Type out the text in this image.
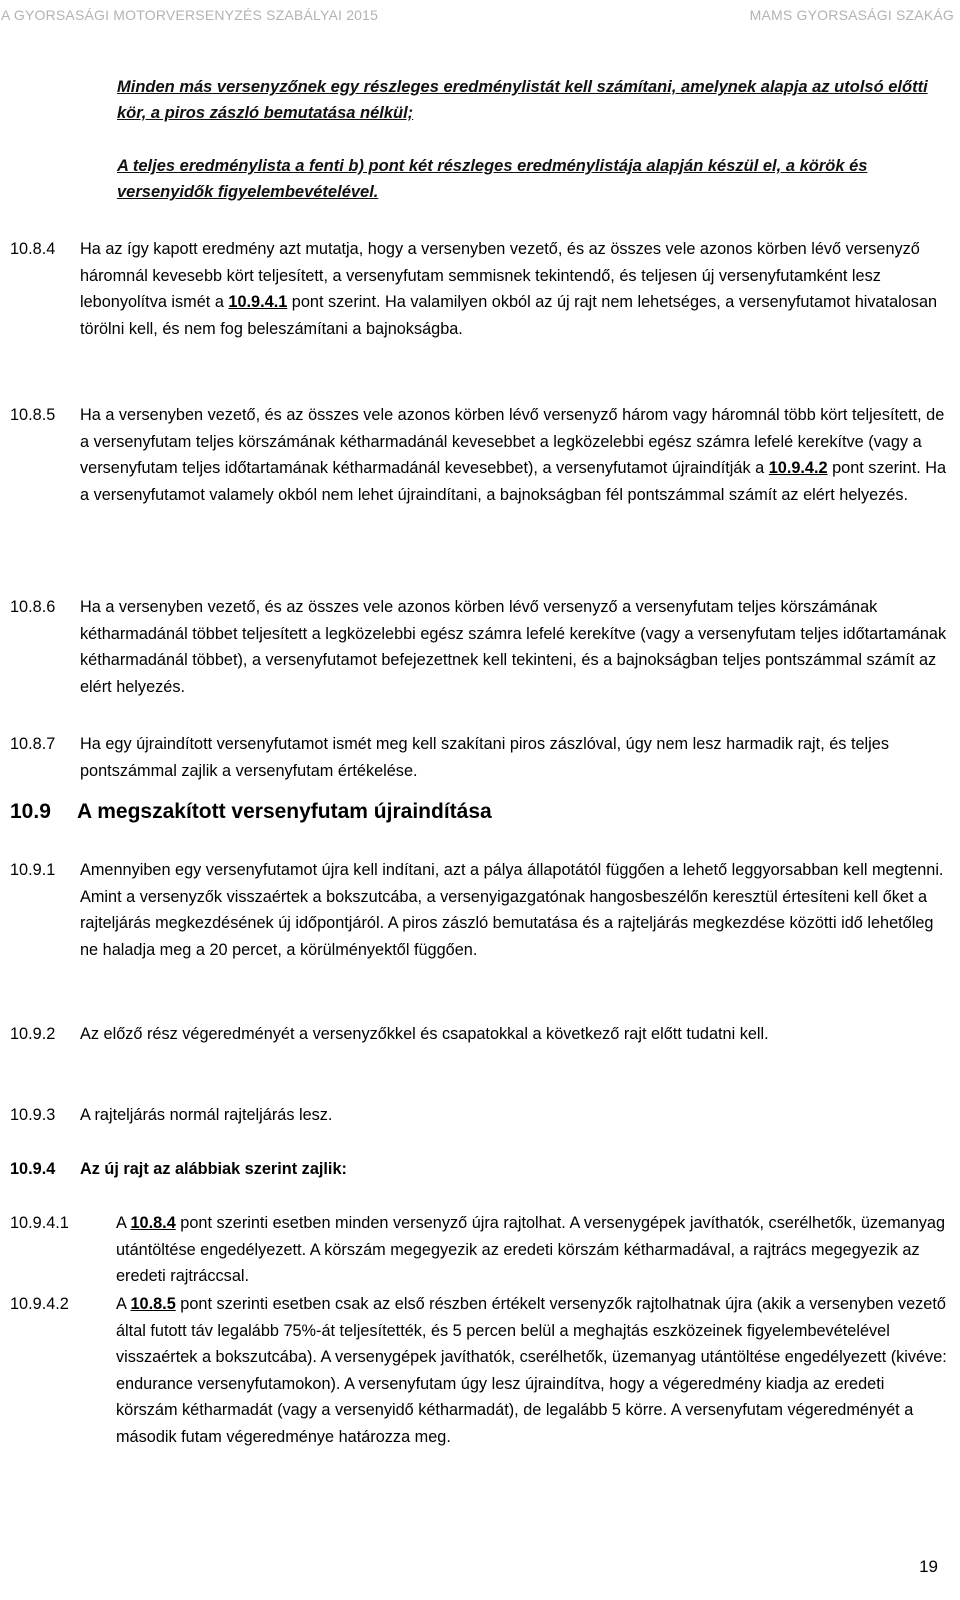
A GYORSASÁGI MOTORVERSENYZÉS SZABÁLYAI 2015	MAMS GYORSASÁGI SZAKÁG
Minden más versenyzőnek egy részleges eredménylistát kell számítani, amelynek alapja az utolsó előtti kör, a piros zászló bemutatása nélkül;
A teljes eredménylista a fenti b) pont két részleges eredménylistája alapján készül el, a körök és versenyidők figyelembevételével.
10.8.4 Ha az így kapott eredmény azt mutatja, hogy a versenyben vezető, és az összes vele azonos körben lévő versenyző háromnál kevesebb kört teljesített, a versenyfutam semmisnek tekintendő, és teljesen új versenyfutamként lesz lebonyolítva ismét a 10.9.4.1 pont szerint. Ha valamilyen okból az új rajt nem lehetséges, a versenyfutamot hivatalosan törölni kell, és nem fog beleszámítani a bajnokságba.
10.8.5 Ha a versenyben vezető, és az összes vele azonos körben lévő versenyző három vagy háromnál több kört teljesített, de a versenyfutam teljes körszámának kétharmadánál kevesebbet a legközelebbi egész számra lefelé kerekítve (vagy a versenyfutam teljes időtartamának kétharmadánál kevesebbet), a versenyfutamot újraindítják a 10.9.4.2 pont szerint. Ha a versenyfutamot valamely okból nem lehet újraindítani, a bajnokságban fél pontszámmal számít az elért helyezés.
10.8.6 Ha a versenyben vezető, és az összes vele azonos körben lévő versenyző a versenyfutam teljes körszámának kétharmadánál többet teljesített a legközelebbi egész számra lefelé kerekítve (vagy a versenyfutam teljes időtartamának kétharmadánál többet), a versenyfutamot befejezettnek kell tekinteni, és a bajnokságban teljes pontszámmal számít az elért helyezés.
10.8.7 Ha egy újraindított versenyfutamot ismét meg kell szakítani piros zászlóval, úgy nem lesz harmadik rajt, és teljes pontszámmal zajlik a versenyfutam értékelése.
10.9 A megszakított versenyfutam újraindítása
10.9.1 Amennyiben egy versenyfutamot újra kell indítani, azt a pálya állapotától függően a lehető leggyorsabban kell megtenni. Amint a versenyzők visszaértek a bokszutcába, a versenyigazgatónak hangosbeszélőn keresztül értesíteni kell őket a rajteljárás megkezdésének új időpontjáról. A piros zászló bemutatása és a rajteljárás megkezdése közötti idő lehetőleg ne haladja meg a 20 percet, a körülményektől függően.
10.9.2 Az előző rész végeredményét a versenyzőkkel és csapatokkal a következő rajt előtt tudatni kell.
10.9.3 A rajteljárás normál rajteljárás lesz.
10.9.4 Az új rajt az alábbiak szerint zajlik:
10.9.4.1	A 10.8.4 pont szerinti esetben minden versenyző újra rajtolhat. A versenygépek javíthatók, cserélhetők, üzemanyag utántöltése engedélyezett. A körszám megegyezik az eredeti körszám kétharmadával, a rajtrács megegyezik az eredeti rajtráccsal.
10.9.4.2	A 10.8.5 pont szerinti esetben csak az első részben értékelt versenyzők rajtolhatnak újra (akik a versenyben vezető által futott táv legalább 75%-át teljesítették, és 5 percen belül a meghajtás eszközeinek figyelembevételével visszaértek a bokszutcába). A versenygépek javíthatók, cserélhetők, üzemanyag utántöltése engedélyezett (kivéve: endurance versenyfutamokon). A versenyfutam úgy lesz újraindítva, hogy a végeredmény kiadja az eredeti körszám kétharmadát (vagy a versenyidő kétharmadát), de legalább 5 körre. A versenyfutam végeredményét a második futam végeredménye határozza meg.
19
